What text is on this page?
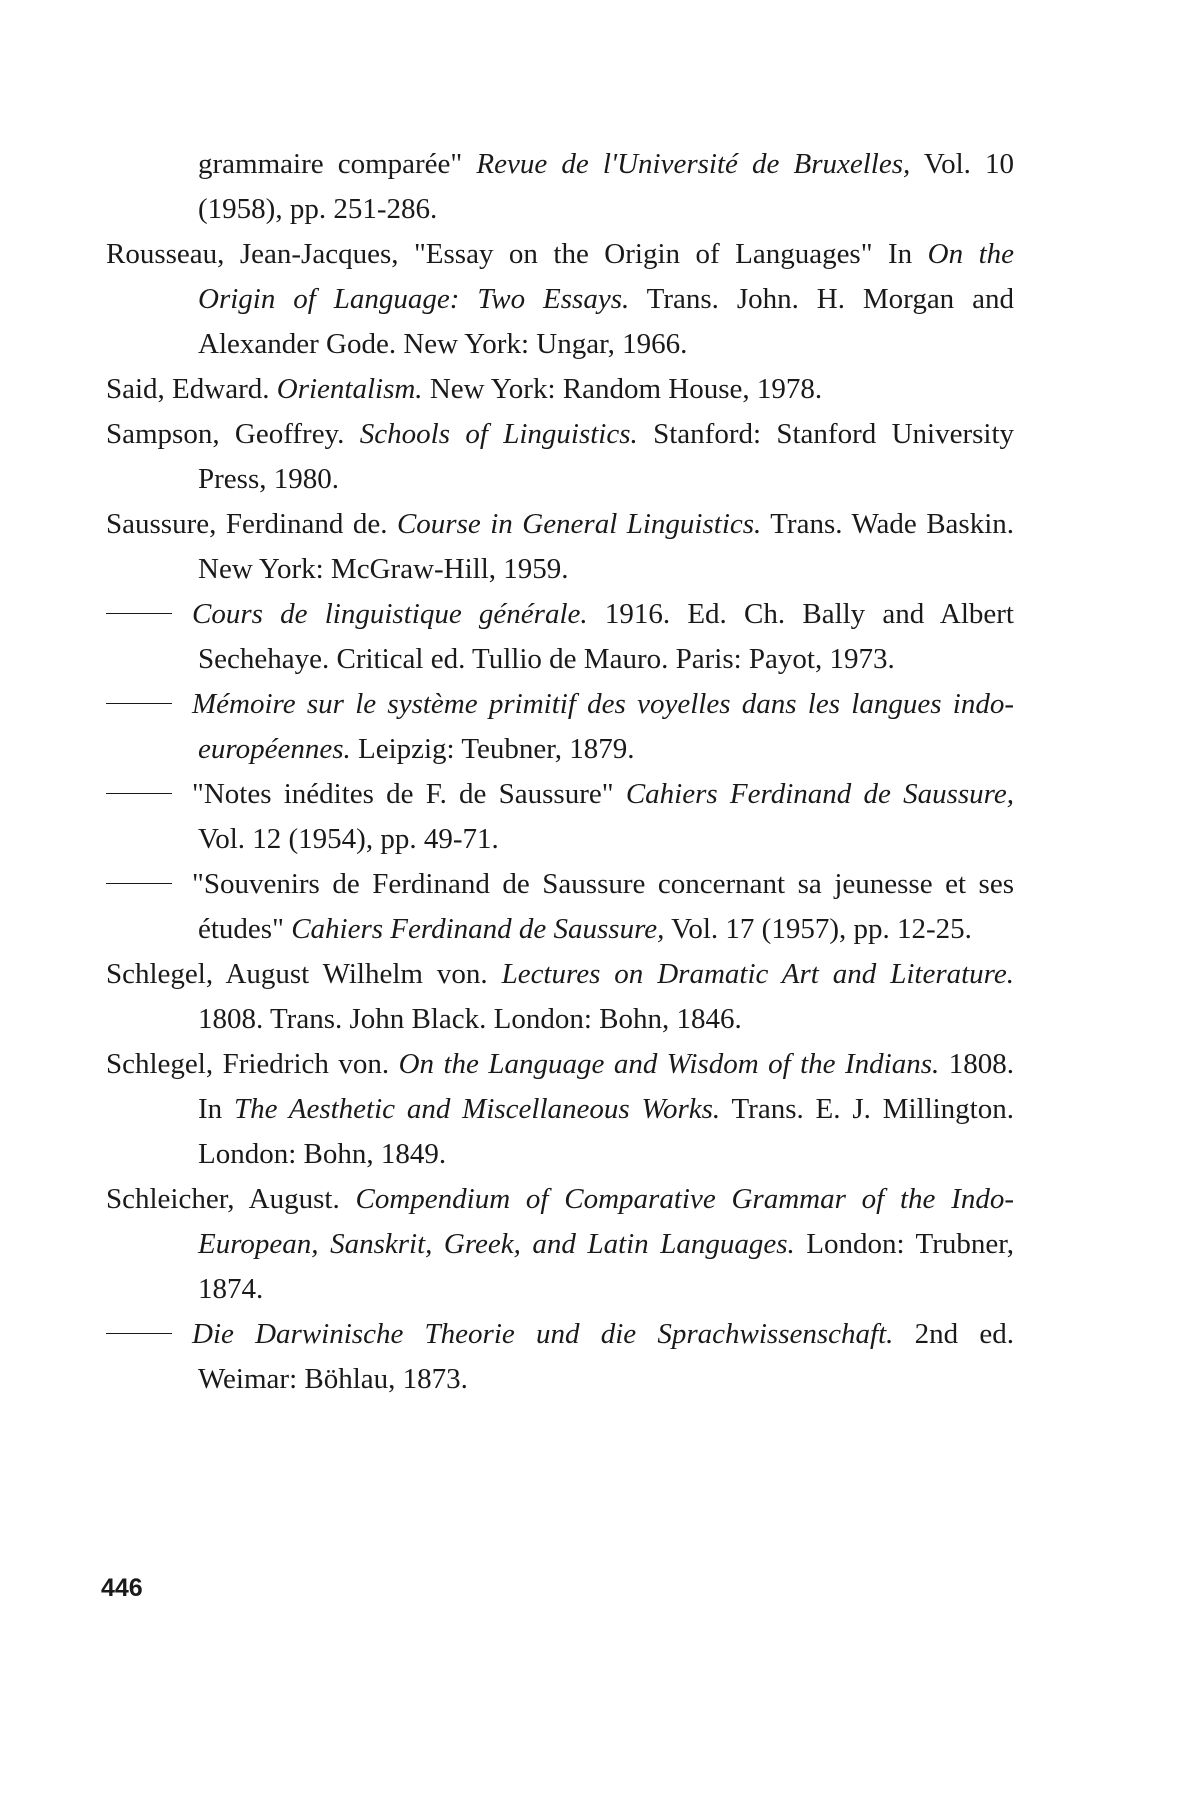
grammaire comparée" Revue de l'Université de Bruxelles, Vol. 10 (1958), pp. 251-286.

Rousseau, Jean-Jacques, "Essay on the Origin of Languages" In On the Origin of Language: Two Essays. Trans. John. H. Morgan and Alexander Gode. New York: Ungar, 1966.

Said, Edward. Orientalism. New York: Random House, 1978.

Sampson, Geoffrey. Schools of Linguistics. Stanford: Stanford University Press, 1980.

Saussure, Ferdinand de. Course in General Linguistics. Trans. Wade Baskin. New York: McGraw-Hill, 1959.

Cours de linguistique générale. 1916. Ed. Ch. Bally and Albert Sechehaye. Critical ed. Tullio de Mauro. Paris: Payot, 1973.

Mémoire sur le système primitif des voyelles dans les langues indo-européennes. Leipzig: Teubner, 1879.

"Notes inédites de F. de Saussure" Cahiers Ferdinand de Saussure, Vol. 12 (1954), pp. 49-71.

"Souvenirs de Ferdinand de Saussure concernant sa jeunesse et ses études" Cahiers Ferdinand de Saussure, Vol. 17 (1957), pp. 12-25.

Schlegel, August Wilhelm von. Lectures on Dramatic Art and Literature. 1808. Trans. John Black. London: Bohn, 1846.

Schlegel, Friedrich von. On the Language and Wisdom of the Indians. 1808. In The Aesthetic and Miscellaneous Works. Trans. E. J. Millington. London: Bohn, 1849.

Schleicher, August. Compendium of Comparative Grammar of the Indo-European, Sanskrit, Greek, and Latin Languages. London: Trubner, 1874.

Die Darwinische Theorie und die Sprachwissenschaft. 2nd ed. Weimar: Böhlau, 1873.

446
